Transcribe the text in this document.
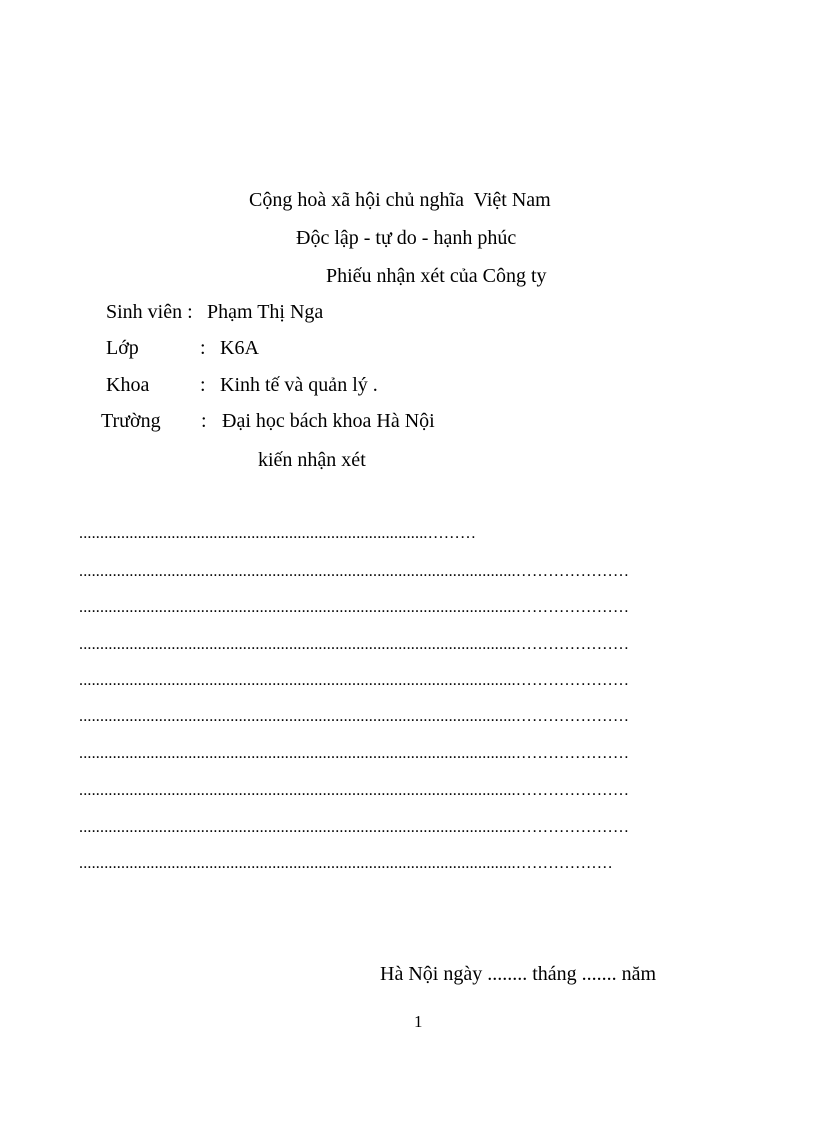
Cộng hoà xã hội chủ nghĩa  Việt Nam
Độc lập - tự do - hạnh phúc
Phiếu nhận xét của Công ty
Sinh viên : Phạm Thị Nga
Lớp	: K6A
Khoa	: Kinh tế và quản lý .
Trường : Đại học bách khoa Hà Nội
kiến nhận xét
...................................................................................………
........................................................................................................…………………
........................................................................................................…………………
........................................................................................................…………………
........................................................................................................…………………
........................................................................................................…………………
........................................................................................................…………………
........................................................................................................…………………
........................................................................................................…………………
........................................................................................................………………
Hà Nội ngày ........ tháng ....... năm
1
